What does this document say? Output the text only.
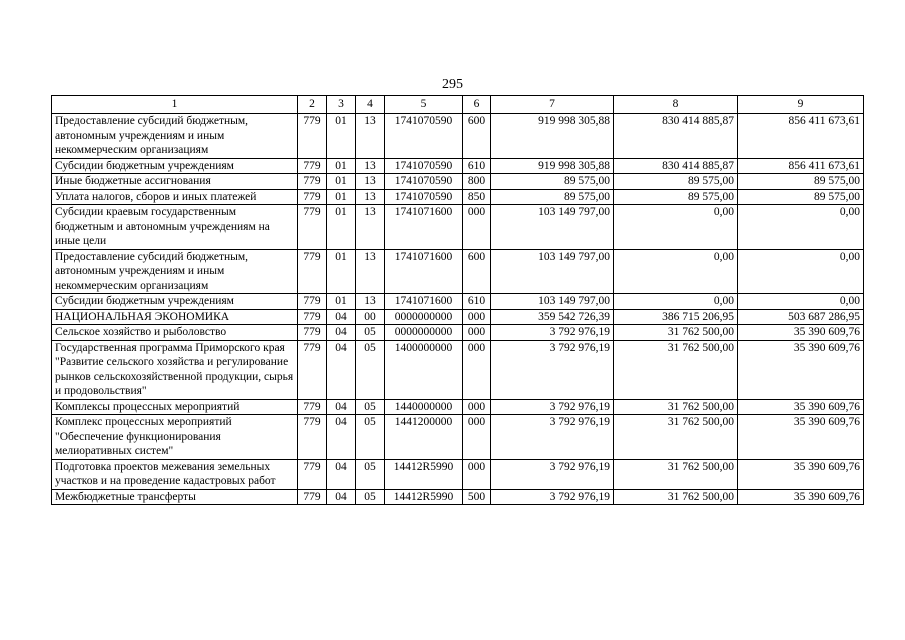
295
1	2	3	4	5	6	7	8	9
Предоставление субсидий бюджетным, автономным учреждениям и иным некоммерческим организациям	779	01	13	1741070590	600	919 998 305,88	830 414 885,87	856 411 673,61
Субсидии бюджетным учреждениям	779	01	13	1741070590	610	919 998 305,88	830 414 885,87	856 411 673,61
Иные бюджетные ассигнования	779	01	13	1741070590	800	89 575,00	89 575,00	89 575,00
Уплата налогов, сборов и иных платежей	779	01	13	1741070590	850	89 575,00	89 575,00	89 575,00
Субсидии краевым государственным бюджетным и автономным учреждениям на иные цели	779	01	13	1741071600	000	103 149 797,00	0,00	0,00
Предоставление субсидий бюджетным, автономным учреждениям и иным некоммерческим организациям	779	01	13	1741071600	600	103 149 797,00	0,00	0,00
Субсидии бюджетным учреждениям	779	01	13	1741071600	610	103 149 797,00	0,00	0,00
НАЦИОНАЛЬНАЯ ЭКОНОМИКА	779	04	00	0000000000	000	359 542 726,39	386 715 206,95	503 687 286,95
Сельское хозяйство и рыболовство	779	04	05	0000000000	000	3 792 976,19	31 762 500,00	35 390 609,76
Государственная программа Приморского края "Развитие сельского хозяйства и регулирование рынков сельскохозяйственной продукции, сырья и продовольствия"	779	04	05	1400000000	000	3 792 976,19	31 762 500,00	35 390 609,76
Комплексы процессных мероприятий	779	04	05	1440000000	000	3 792 976,19	31 762 500,00	35 390 609,76
Комплекс процессных мероприятий "Обеспечение функционирования мелиоративных систем"	779	04	05	1441200000	000	3 792 976,19	31 762 500,00	35 390 609,76
Подготовка проектов межевания земельных участков и на проведение кадастровых работ	779	04	05	14412R5990	000	3 792 976,19	31 762 500,00	35 390 609,76
Межбюджетные трансферты	779	04	05	14412R5990	500	3 792 976,19	31 762 500,00	35 390 609,76
